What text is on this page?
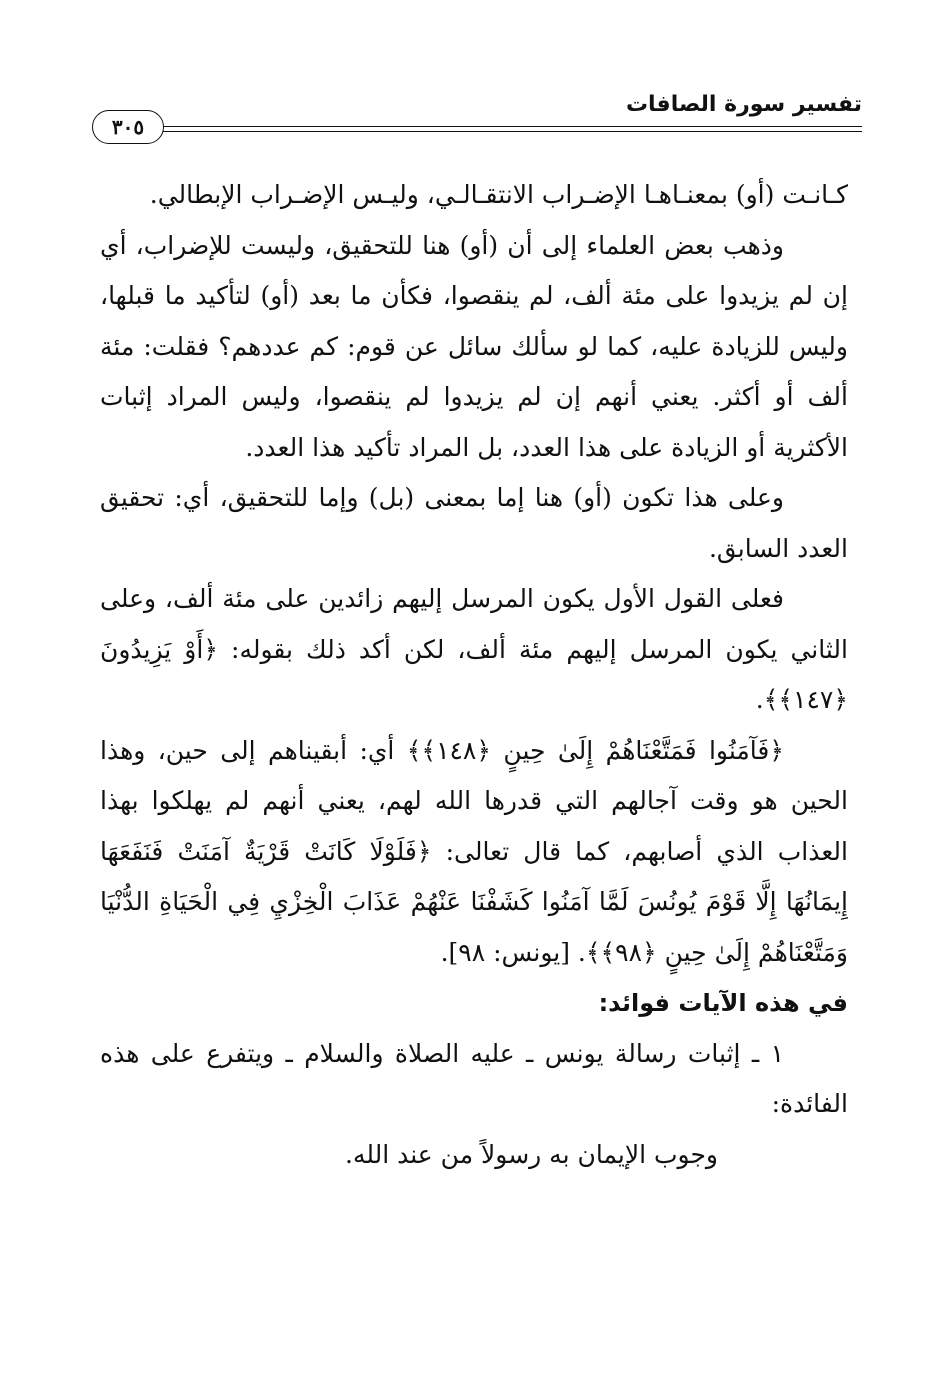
تفسير سورة الصافات
٣٠٥

كـانـت (أو) بمعنـاهـا الإضـراب الانتقـالـي، وليـس الإضـراب الإبطالي.

وذهب بعض العلماء إلى أن (أو) هنا للتحقيق، وليست للإضراب، أي إن لم يزيدوا على مئة ألف، لم ينقصوا، فكأن ما بعد (أو) لتأكيد ما قبلها، وليس للزيادة عليه، كما لو سألك سائل عن قوم: كم عددهم؟ فقلت: مئة ألف أو أكثر. يعني أنهم إن لم يزيدوا لم ينقصوا، وليس المراد إثبات الأكثرية أو الزيادة على هذا العدد، بل المراد تأكيد هذا العدد.

وعلى هذا تكون (أو) هنا إما بمعنى (بل) وإما للتحقيق، أي: تحقيق العدد السابق.

فعلى القول الأول يكون المرسل إليهم زائدين على مئة ألف، وعلى الثاني يكون المرسل إليهم مئة ألف، لكن أكد ذلك بقوله: ﴿أَوْ يَزِيدُونَ ﴿١٤٧﴾﴾.

﴿فَآمَنُوا فَمَتَّعْنَاهُمْ إِلَىٰ حِينٍ ﴿١٤٨﴾﴾ أي: أبقيناهم إلى حين، وهذا الحين هو وقت آجالهم التي قدرها الله لهم، يعني أنهم لم يهلكوا بهذا العذاب الذي أصابهم، كما قال تعالى: ﴿فَلَوْلَا كَانَتْ قَرْيَةٌ آمَنَتْ فَنَفَعَهَا إِيمَانُهَا إِلَّا قَوْمَ يُونُسَ لَمَّا آمَنُوا كَشَفْنَا عَنْهُمْ عَذَابَ الْخِزْيِ فِي الْحَيَاةِ الدُّنْيَا وَمَتَّعْنَاهُمْ إِلَىٰ حِينٍ ﴿٩٨﴾﴾. [يونس: ٩٨].

في هذه الآيات فوائد:

١ ـ إثبات رسالة يونس ـ عليه الصلاة والسلام ـ ويتفرع على هذه الفائدة:

وجوب الإيمان به رسولاً من عند الله.
